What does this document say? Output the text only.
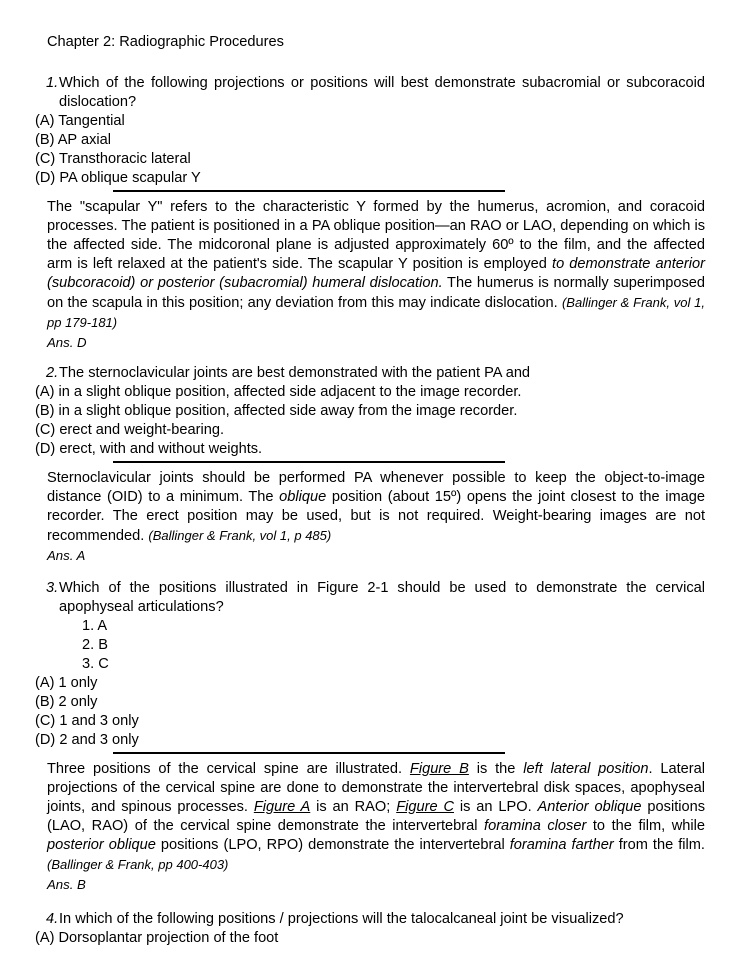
Chapter 2: Radiographic Procedures
1. Which of the following projections or positions will best demonstrate subacromial or subcoracoid dislocation?
(A) Tangential
(B) AP axial
(C) Transthoracic lateral
(D) PA oblique scapular Y
The "scapular Y" refers to the characteristic Y formed by the humerus, acromion, and coracoid processes. The patient is positioned in a PA oblique position—an RAO or LAO, depending on which is the affected side. The midcoronal plane is adjusted approximately 60º to the film, and the affected arm is left relaxed at the patient's side. The scapular Y position is employed to demonstrate anterior (subcoracoid) or posterior (subacromial) humeral dislocation. The humerus is normally superimposed on the scapula in this position; any deviation from this may indicate dislocation. (Ballinger & Frank, vol 1, pp 179-181)
Ans. D
2. The sternoclavicular joints are best demonstrated with the patient PA and
(A) in a slight oblique position, affected side adjacent to the image recorder.
(B) in a slight oblique position, affected side away from the image recorder.
(C) erect and weight-bearing.
(D) erect, with and without weights.
Sternoclavicular joints should be performed PA whenever possible to keep the object-to-image distance (OID) to a minimum. The oblique position (about 15º) opens the joint closest to the image recorder. The erect position may be used, but is not required. Weight-bearing images are not recommended. (Ballinger & Frank, vol 1, p 485)
Ans. A
3. Which of the positions illustrated in Figure 2-1 should be used to demonstrate the cervical apophyseal articulations?
1. A
2. B
3. C
(A) 1 only
(B) 2 only
(C) 1 and 3 only
(D) 2 and 3 only
Three positions of the cervical spine are illustrated. Figure B is the left lateral position. Lateral projections of the cervical spine are done to demonstrate the intervertebral disk spaces, apophyseal joints, and spinous processes. Figure A is an RAO; Figure C is an LPO. Anterior oblique positions (LAO, RAO) of the cervical spine demonstrate the intervertebral foramina closer to the film, while posterior oblique positions (LPO, RPO) demonstrate the intervertebral foramina farther from the film. (Ballinger & Frank, pp 400-403)
Ans. B
4. In which of the following positions / projections will the talocalcaneal joint be visualized?
(A) Dorsoplantar projection of the foot
